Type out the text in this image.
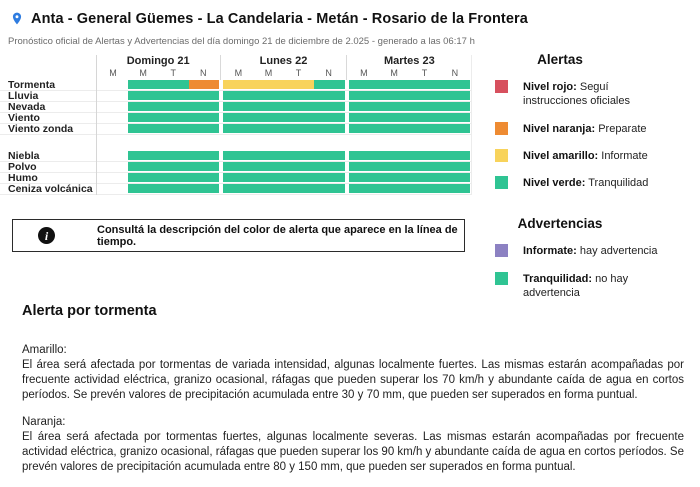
Anta - General Güemes - La Candelaria - Metán - Rosario de la Frontera
Pronóstico oficial de Alertas y Advertencias del día domingo 21 de diciembre de 2.025 - generado a las 06:17 h
Domingo 21	Lunes 22	Martes 23
M	M	T	N	M	M	T	N	M	M	T	N
Tormenta
Lluvia
Nevada
Viento
Viento zonda
Niebla
Polvo
Humo
Ceniza volcánica
i	Consultá la descripción del color de alerta que aparece en la línea de tiempo.
Alertas
Nivel rojo: Seguí instrucciones oficiales
Nivel naranja: Preparate
Nivel amarillo: Informate
Nivel verde: Tranquilidad
Advertencias
Informate: hay advertencia
Tranquilidad: no hay advertencia
Alerta por tormenta

Amarillo:

El área será afectada por tormentas de variada intensidad, algunas localmente fuertes. Las mismas estarán acompañadas por frecuente actividad eléctrica, granizo ocasional, ráfagas que pueden superar los 70 km/h y abundante caída de agua en cortos períodos. Se prevén valores de precipitación acumulada entre 30 y 70 mm, que pueden ser superados en forma puntual.

Naranja:

El área será afectada por tormentas fuertes, algunas localmente severas. Las mismas estarán acompañadas por frecuente actividad eléctrica, granizo ocasional, ráfagas que pueden superar los 90 km/h y abundante caída de agua en cortos períodos. Se prevén valores de precipitación acumulada entre 80 y 150 mm, que pueden ser superados en forma puntual.
